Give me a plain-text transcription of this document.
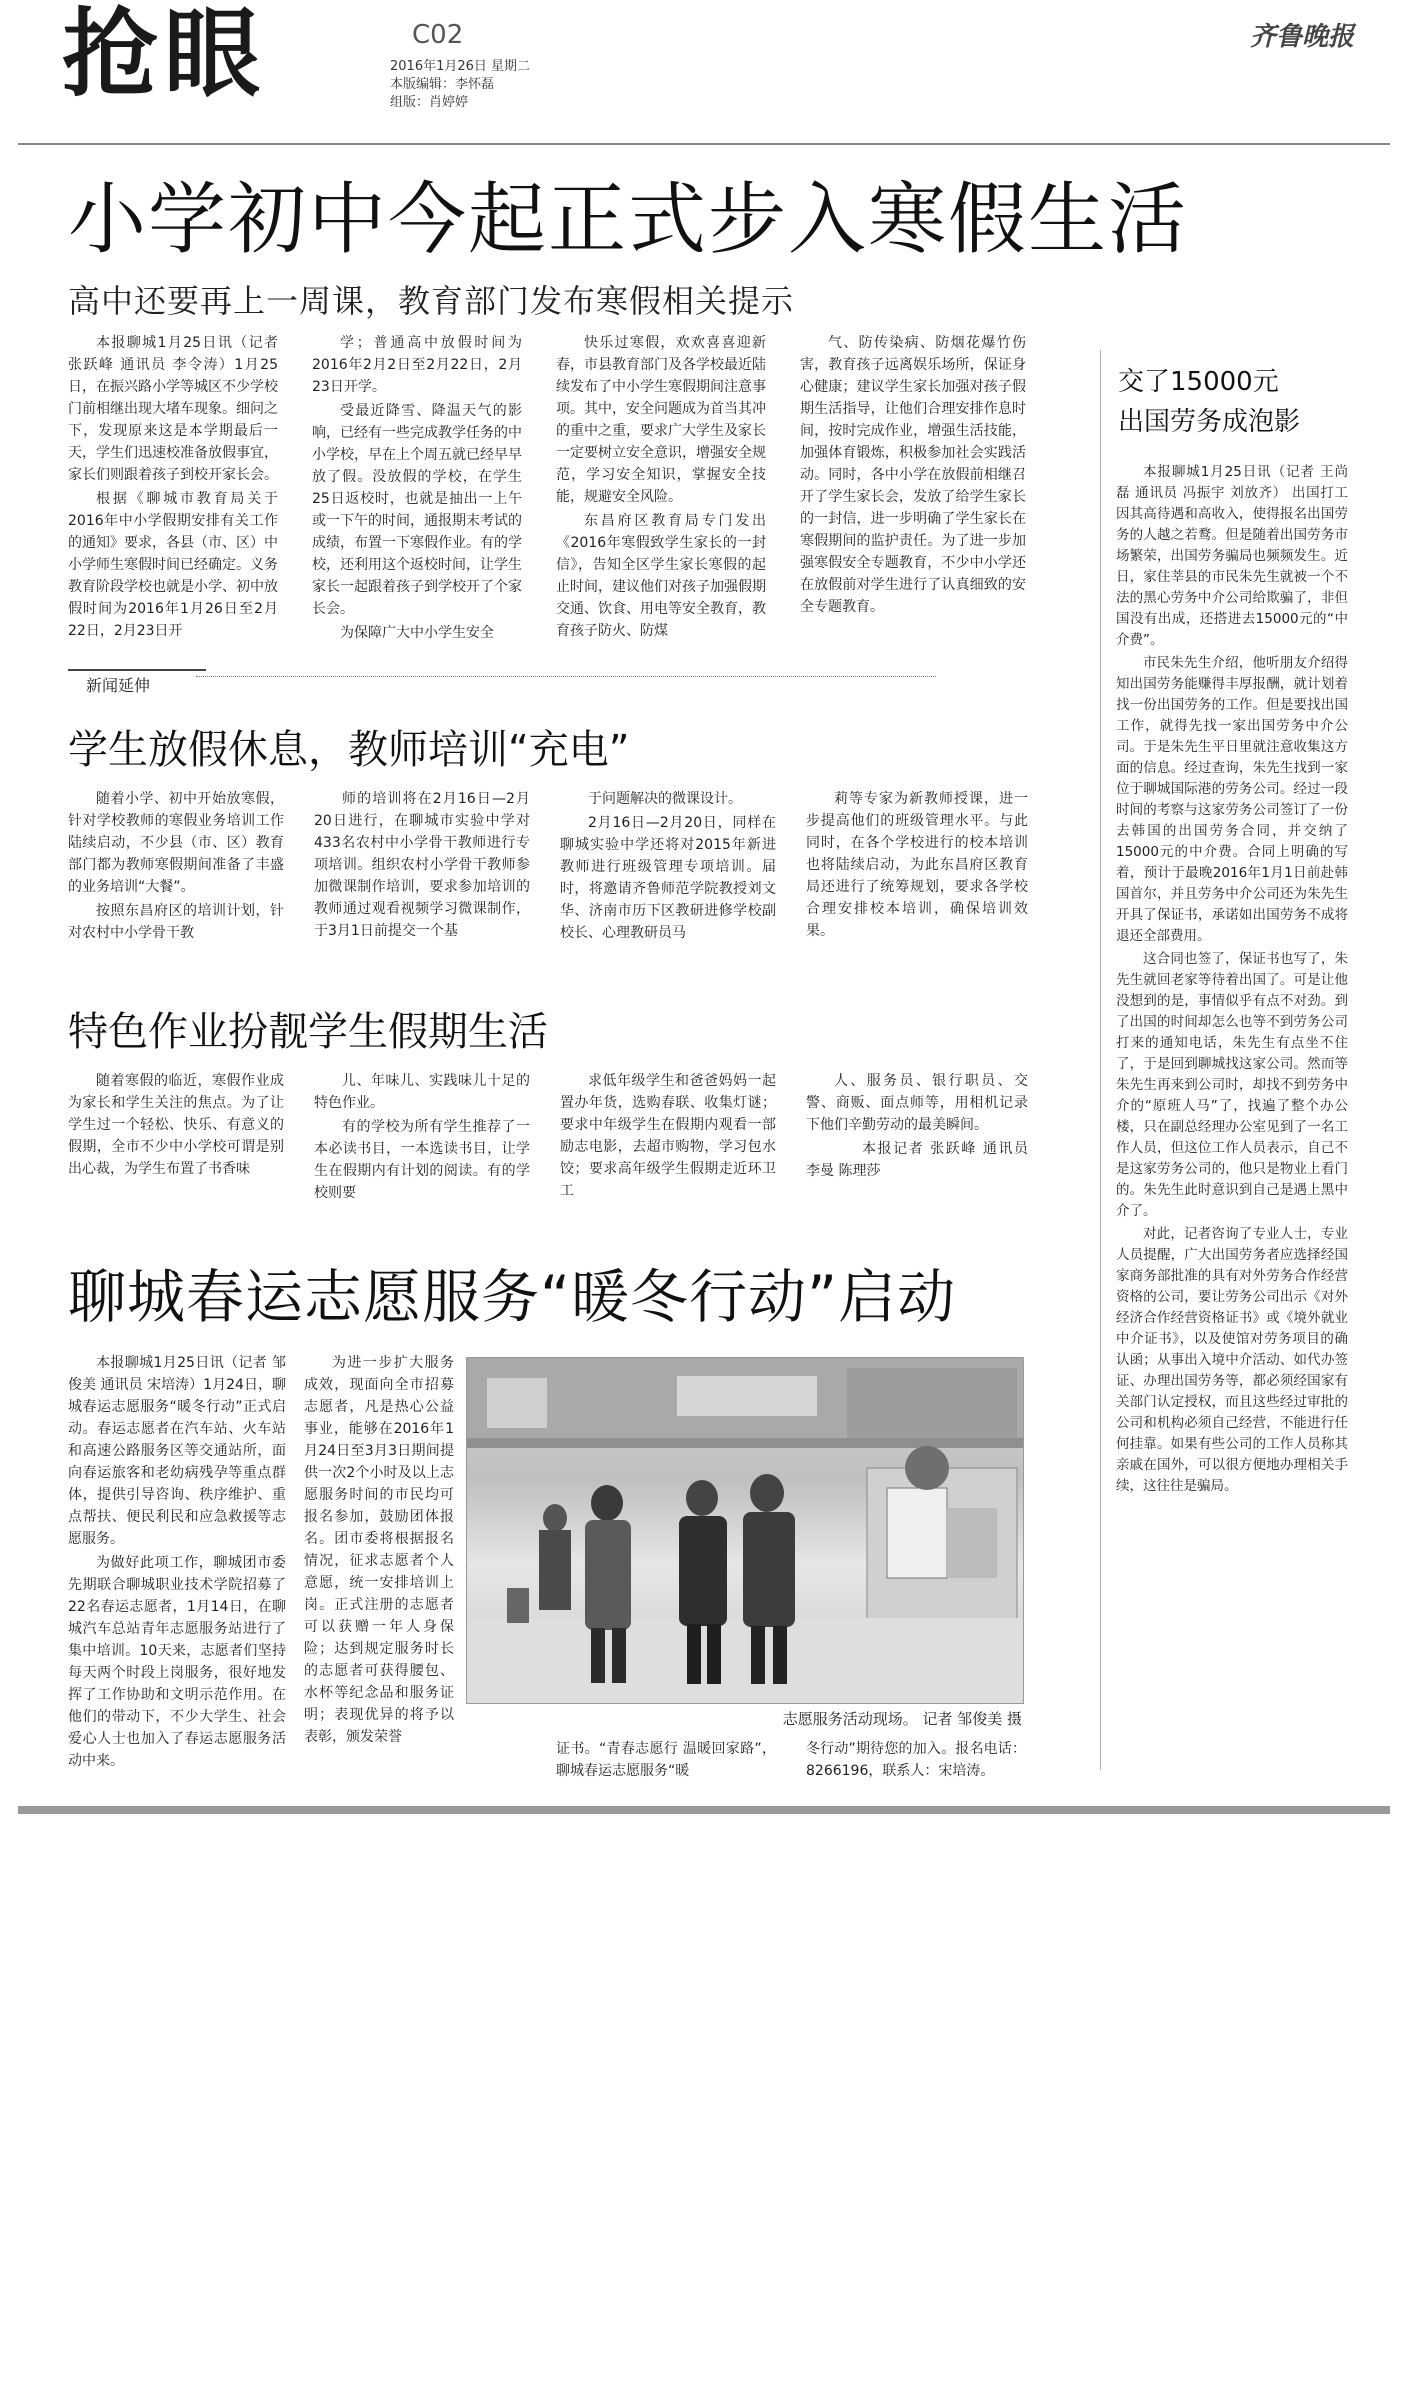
抢眼	C02
2016年1月26日 星期二
本版编辑：李怀磊
组版：肖婷婷
齐鲁晚报
小学初中今起正式步入寒假生活
高中还要再上一周课，教育部门发布寒假相关提示

本报聊城1月25日讯（记者 张跃峰 通讯员 李令涛）1月25日，在振兴路小学等城区不少学校门前相继出现大堵车现象。细问之下，发现原来这是本学期最后一天，学生们迅速校准备放假事宜，家长们则跟着孩子到校开家长会。

根据《聊城市教育局关于2016年中小学假期安排有关工作的通知》要求，各县（市、区）中小学师生寒假时间已经确定。义务教育阶段学校也就是小学、初中放假时间为2016年1月26日至2月22日，2月23日开

学；普通高中放假时间为2016年2月2日至2月22日，2月23日开学。

受最近降雪、降温天气的影响，已经有一些完成教学任务的中小学校，早在上个周五就已经早早放了假。没放假的学校，在学生25日返校时，也就是抽出一上午或一下午的时间，通报期末考试的成绩，布置一下寒假作业。有的学校，还利用这个返校时间，让学生家长一起跟着孩子到学校开了个家长会。

为保障广大中小学生安全

快乐过寒假，欢欢喜喜迎新春，市县教育部门及各学校最近陆续发布了中小学生寒假期间注意事项。其中，安全问题成为首当其冲的重中之重，要求广大学生及家长一定要树立安全意识，增强安全规范，学习安全知识，掌握安全技能，规避安全风险。

东昌府区教育局专门发出《2016年寒假致学生家长的一封信》，告知全区学生家长寒假的起止时间，建议他们对孩子加强假期交通、饮食、用电等安全教育，教育孩子防火、防煤

气、防传染病、防烟花爆竹伤害，教育孩子远离娱乐场所，保证身心健康；建议学生家长加强对孩子假期生活指导，让他们合理安排作息时间，按时完成作业，增强生活技能，加强体育锻炼，积极参加社会实践活动。同时，各中小学在放假前相继召开了学生家长会，发放了给学生家长的一封信，进一步明确了学生家长在寒假期间的监护责任。为了进一步加强寒假安全专题教育，不少中小学还在放假前对学生进行了认真细致的安全专题教育。

新闻延伸
学生放假休息，教师培训“充电”

随着小学、初中开始放寒假，针对学校教师的寒假业务培训工作陆续启动，不少县（市、区）教育部门都为教师寒假期间准备了丰盛的业务培训“大餐”。

按照东昌府区的培训计划，针对农村中小学骨干教

师的培训将在2月16日—2月20日进行，在聊城市实验中学对433名农村中小学骨干教师进行专项培训。组织农村小学骨干教师参加微课制作培训，要求参加培训的教师通过观看视频学习微课制作，于3月1日前提交一个基

于问题解决的微课设计。

2月16日—2月20日，同样在聊城实验中学还将对2015年新进教师进行班级管理专项培训。届时，将邀请齐鲁师范学院教授刘文华、济南市历下区教研进修学校副校长、心理教研员马

莉等专家为新教师授课，进一步提高他们的班级管理水平。与此同时，在各个学校进行的校本培训也将陆续启动，为此东昌府区教育局还进行了统筹规划，要求各学校合理安排校本培训，确保培训效果。

特色作业扮靓学生假期生活

随着寒假的临近，寒假作业成为家长和学生关注的焦点。为了让学生过一个轻松、快乐、有意义的假期，全市不少中小学校可谓是别出心裁，为学生布置了书香味

儿、年味儿、实践味儿十足的特色作业。

有的学校为所有学生推荐了一本必读书目，一本选读书目，让学生在假期内有计划的阅读。有的学校则要

求低年级学生和爸爸妈妈一起置办年货，选购春联、收集灯谜；要求中年级学生在假期内观看一部励志电影，去超市购物，学习包水饺；要求高年级学生假期走近环卫工

人、服务员、银行职员、交警、商贩、面点师等，用相机记录下他们辛勤劳动的最美瞬间。

本报记者 张跃峰 通讯员 李曼 陈理莎

聊城春运志愿服务“暖冬行动”启动

本报聊城1月25日讯（记者 邹俊美 通讯员 宋培涛）1月24日，聊城春运志愿服务“暖冬行动”正式启动。春运志愿者在汽车站、火车站和高速公路服务区等交通站所，面向春运旅客和老幼病残孕等重点群体，提供引导咨询、秩序维护、重点帮扶、便民利民和应急救援等志愿服务。

为做好此项工作，聊城团市委先期联合聊城职业技术学院招募了22名春运志愿者，1月14日，在聊城汽车总站青年志愿服务站进行了集中培训。10天来，志愿者们坚持每天两个时段上岗服务，很好地发挥了工作协助和文明示范作用。在他们的带动下，不少大学生、社会爱心人士也加入了春运志愿服务活动中来。

为进一步扩大服务成效，现面向全市招募志愿者，凡是热心公益事业，能够在2016年1月24日至3月3日期间提供一次2个小时及以上志愿服务时间的市民均可报名参加，鼓励团体报名。团市委将根据报名情况，征求志愿者个人意愿，统一安排培训上岗。正式注册的志愿者可以获赠一年人身保险；达到规定服务时长的志愿者可获得腰包、水杯等纪念品和服务证明；表现优异的将予以表彰，颁发荣誉

志愿服务活动现场。 记者 邹俊美 摄

证书。“青春志愿行 温暖回家路”，聊城春运志愿服务“暖

冬行动”期待您的加入。报名电话：8266196，联系人：宋培涛。

交了15000元
出国劳务成泡影

本报聊城1月25日讯（记者 王尚磊 通讯员 冯振宇 刘放齐） 出国打工因其高待遇和高收入，使得报名出国劳务的人越之若鹜。但是随着出国劳务市场繁荣，出国劳务骗局也频频发生。近日，家住莘县的市民朱先生就被一个不法的黑心劳务中介公司给欺骗了，非但国没有出成，还搭进去15000元的“中介费”。

市民朱先生介绍，他听朋友介绍得知出国劳务能赚得丰厚报酬，就计划着找一份出国劳务的工作。但是要找出国工作，就得先找一家出国劳务中介公司。于是朱先生平日里就注意收集这方面的信息。经过查询，朱先生找到一家位于聊城国际港的劳务公司。经过一段时间的考察与这家劳务公司签订了一份去韩国的出国劳务合同，并交纳了15000元的中介费。合同上明确的写着，预计于最晚2016年1月1日前赴韩国首尔，并且劳务中介公司还为朱先生开具了保证书，承诺如出国劳务不成将退还全部费用。

这合同也签了，保证书也写了，朱先生就回老家等待着出国了。可是让他没想到的是，事情似乎有点不对劲。到了出国的时间却怎么也等不到劳务公司打来的通知电话，朱先生有点坐不住了，于是回到聊城找这家公司。然而等朱先生再来到公司时，却找不到劳务中介的“原班人马”了，找遍了整个办公楼，只在副总经理办公室见到了一名工作人员，但这位工作人员表示，自己不是这家劳务公司的，他只是物业上看门的。朱先生此时意识到自己是遇上黑中介了。

对此，记者咨询了专业人士，专业人员提醒，广大出国劳务者应选择经国家商务部批准的具有对外劳务合作经营资格的公司，要让劳务公司出示《对外经济合作经营资格证书》或《境外就业中介证书》，以及使馆对劳务项目的确认函；从事出入境中介活动、如代办签证、办理出国劳务等，都必须经国家有关部门认定授权，而且这些经过审批的公司和机构必须自己经营，不能进行任何挂靠。如果有些公司的工作人员称其亲戚在国外，可以很方便地办理相关手续，这往往是骗局。
